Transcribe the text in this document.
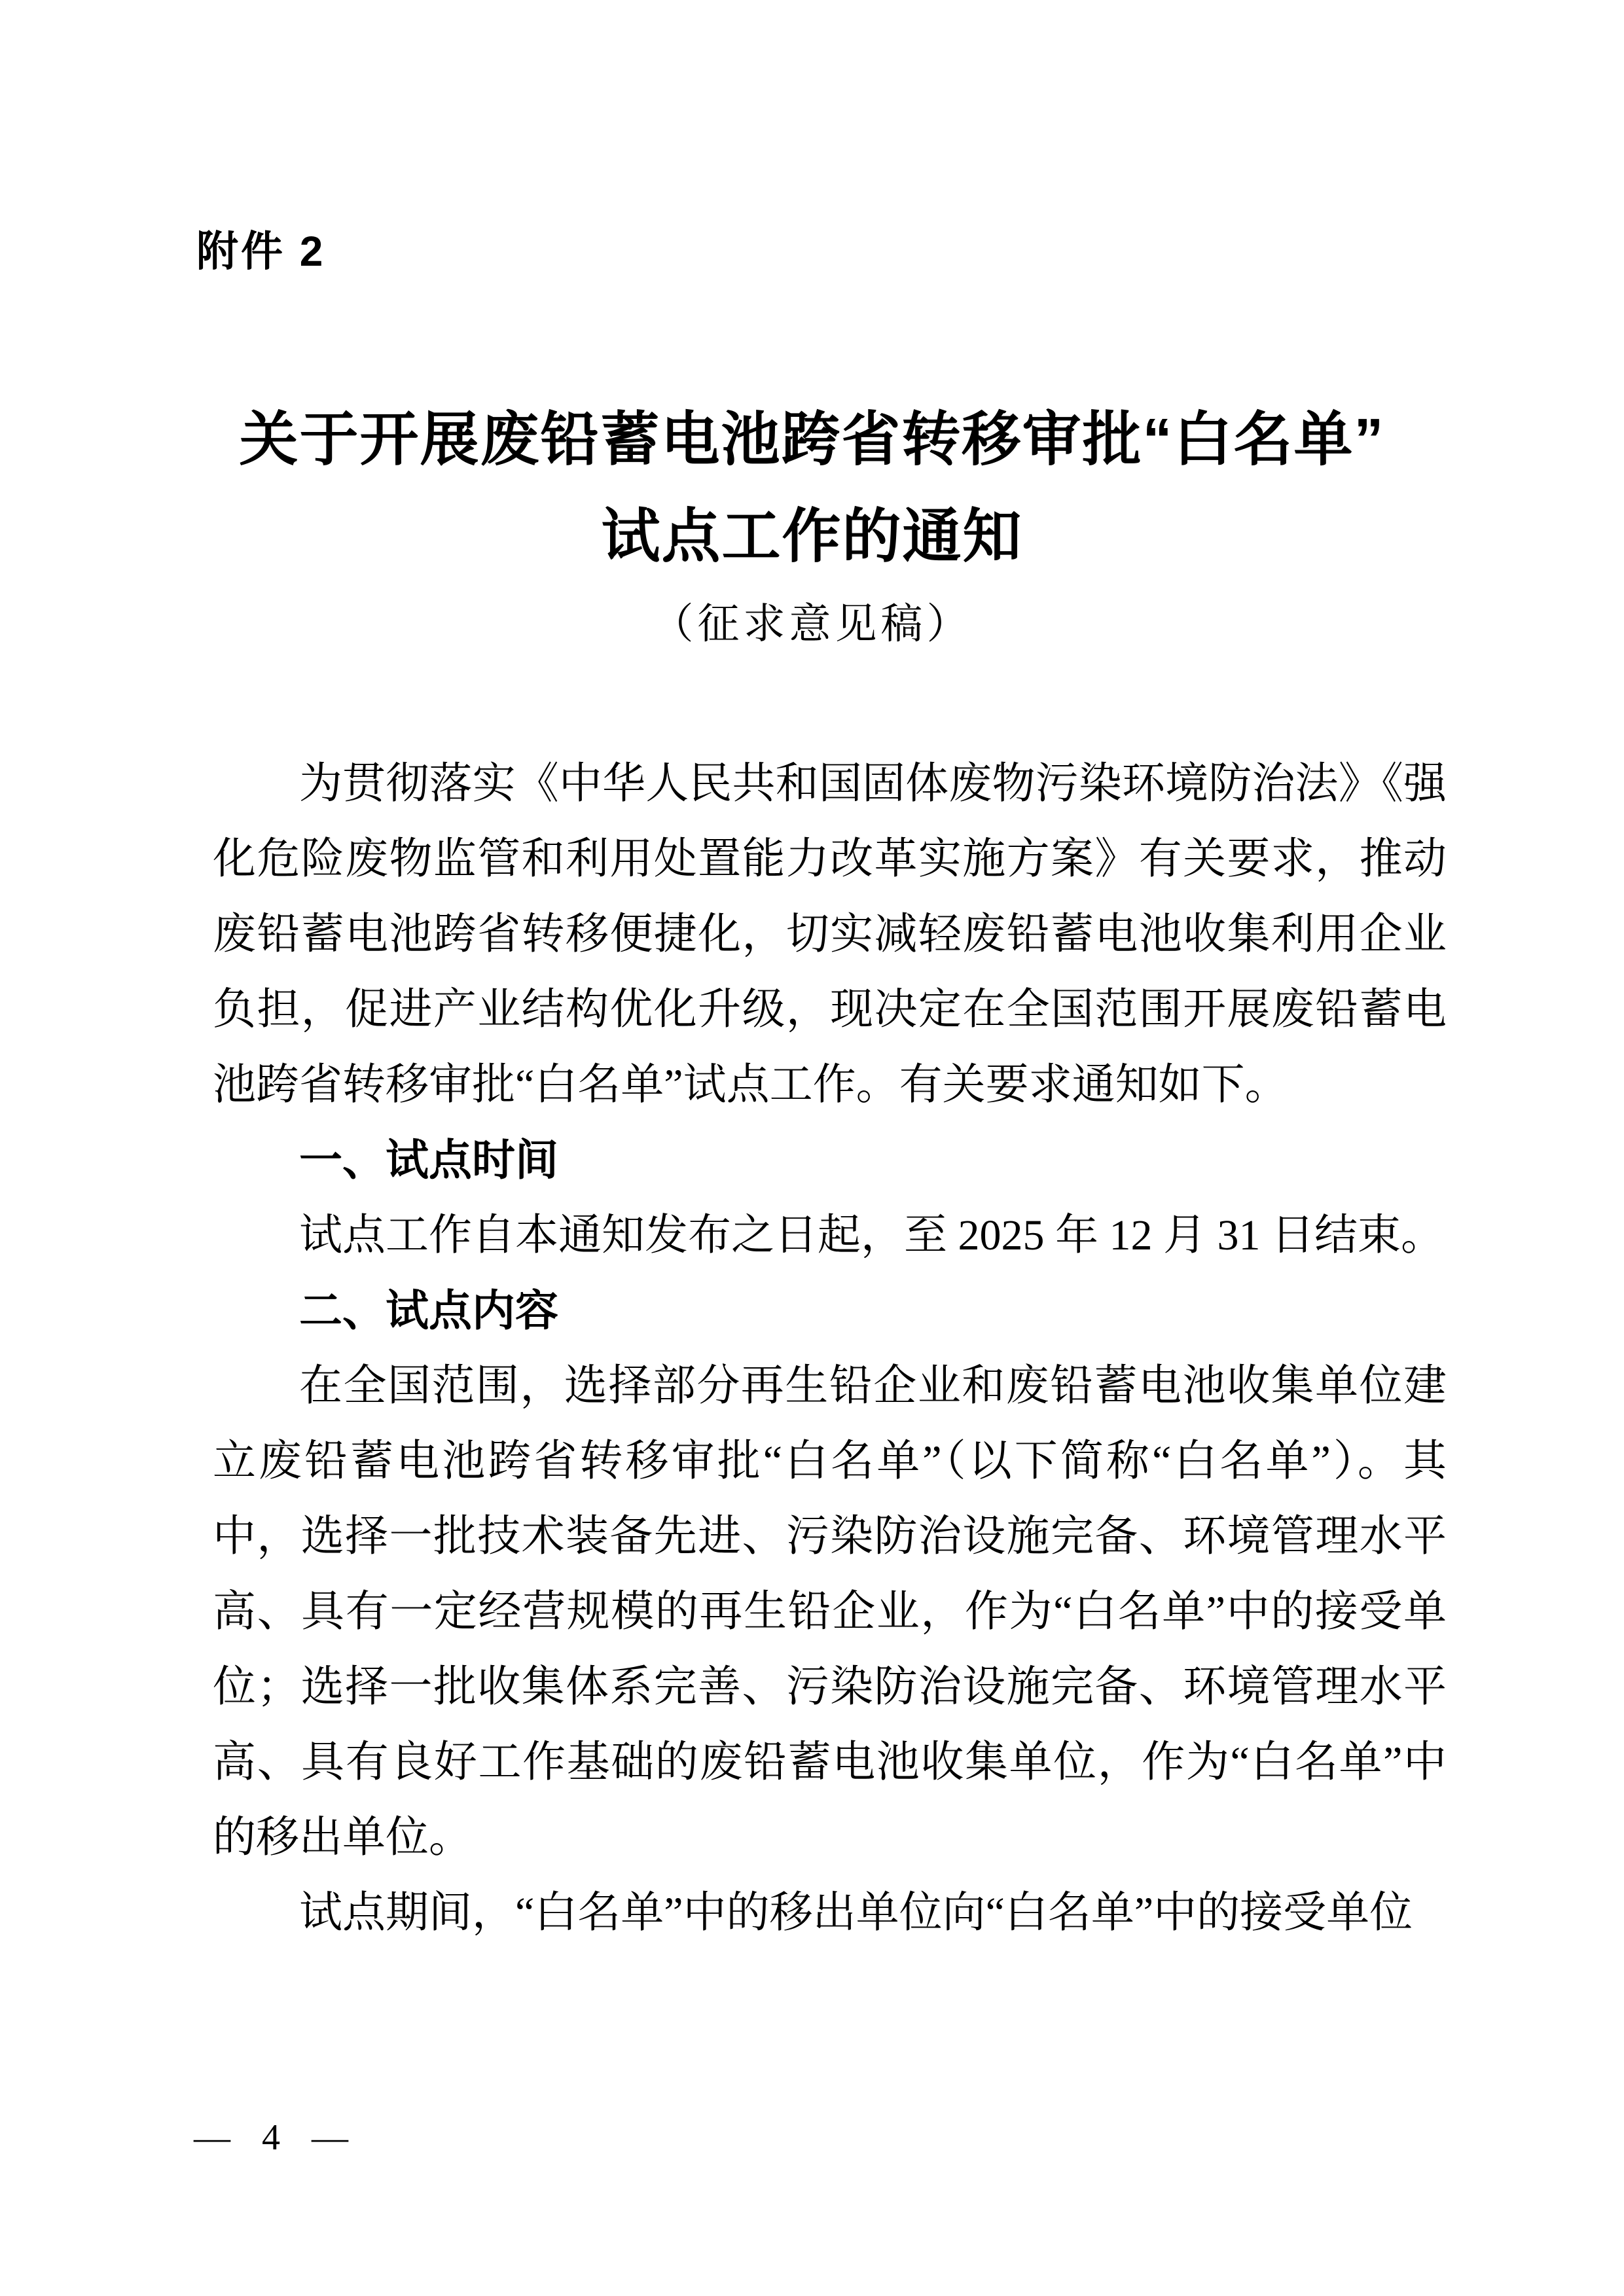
附件 2
关于开展废铅蓄电池跨省转移审批“白名单”
试点工作的通知
（征求意见稿）

为贯彻落实《中华人民共和国固体废物污染环境防治法》《强化危险废物监管和利用处置能力改革实施方案》有关要求，推动废铅蓄电池跨省转移便捷化，切实减轻废铅蓄电池收集利用企业负担，促进产业结构优化升级，现决定在全国范围开展废铅蓄电池跨省转移审批“白名单”试点工作。有关要求通知如下。

一、试点时间

试点工作自本通知发布之日起，至 2025 年 12 月 31 日结束。

二、试点内容

在全国范围，选择部分再生铅企业和废铅蓄电池收集单位建立废铅蓄电池跨省转移审批“白名单”（以下简称“白名单”）。其中，选择一批技术装备先进、污染防治设施完备、环境管理水平高、具有一定经营规模的再生铅企业，作为“白名单”中的接受单位；选择一批收集体系完善、污染防治设施完备、环境管理水平高、具有良好工作基础的废铅蓄电池收集单位，作为“白名单”中的移出单位。

试点期间，“白名单”中的移出单位向“白名单”中的接受单位

— 4 —
